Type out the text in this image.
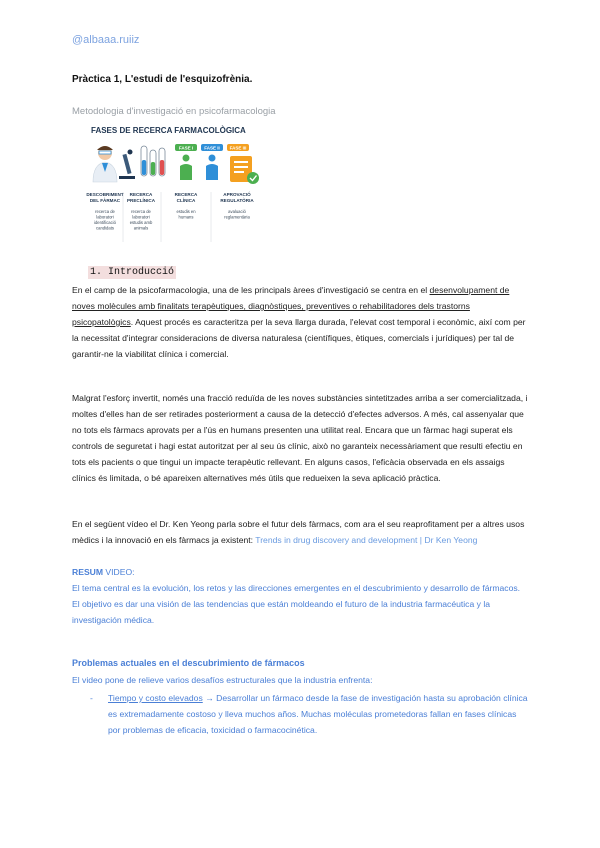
@albaaa.ruiiz
Pràctica 1, L'estudi de l'esquizofrènia.
Metodologia d'investigació en psicofarmacologia
FASES DE RECERCA FARMACOLÒGICA
FASE I FASE II FASE III
DESCOBRIMENT DEL FÀRMAC
RECERCA PRECLÍNICA
RECERCA CLÍNICA
APROVACIÓ REGULATÒRIA
recerca de laboratori identificació candidats
recerca de laboratori estudis amb animals
estudis en humans
avaluació reglamentària
1. Introducció
En el camp de la psicofarmacologia, una de les principals àrees d'investigació se centra en el desenvolupament de noves molècules amb finalitats terapèutiques, diagnòstiques, preventives o rehabilitadores dels trastorns psicopatològics. Aquest procés es caracteritza per la seva llarga durada, l'elevat cost temporal i econòmic, així com per la necessitat d'integrar consideracions de diversa naturalesa (científiques, ètiques, comercials i jurídiques) per tal de garantir-ne la viabilitat clínica i comercial.
Malgrat l'esforç invertit, només una fracció reduïda de les noves substàncies sintetitzades arriba a ser comercialitzada, i moltes d'elles han de ser retirades posteriorment a causa de la detecció d'efectes adversos. A més, cal assenyalar que no tots els fàrmacs aprovats per a l'ús en humans presenten una utilitat real. Encara que un fàrmac hagi superat els controls de seguretat i hagi estat autoritzat per al seu ús clínic, això no garanteix necessàriament que resulti efectiu en tots els pacients o que tingui un impacte terapèutic rellevant. En alguns casos, l'eficàcia observada en els assaigs clínics és limitada, o bé apareixen alternatives més útils que redueixen la seva aplicació pràctica.
En el següent vídeo el Dr. Ken Yeong parla sobre el futur dels fàrmacs, com ara el seu reaprofitament per a altres usos mèdics i la innovació en els fàrmacs ja existent: Trends in drug discovery and development | Dr Ken Yeong
RESUM VIDEO:
El tema central es la evolución, los retos y las direcciones emergentes en el descubrimiento y desarrollo de fármacos.
El objetivo es dar una visión de las tendencias que están moldeando el futuro de la industria farmacéutica y la investigación médica.
Problemas actuales en el descubrimiento de fármacos
El video pone de relieve varios desafíos estructurales que la industria enfrenta:
- Tiempo y costo elevados → Desarrollar un fármaco desde la fase de investigación hasta su aprobación clínica es extremadamente costoso y lleva muchos años. Muchas moléculas prometedoras fallan en fases clínicas por problemas de eficacia, toxicidad o farmacocinética.
